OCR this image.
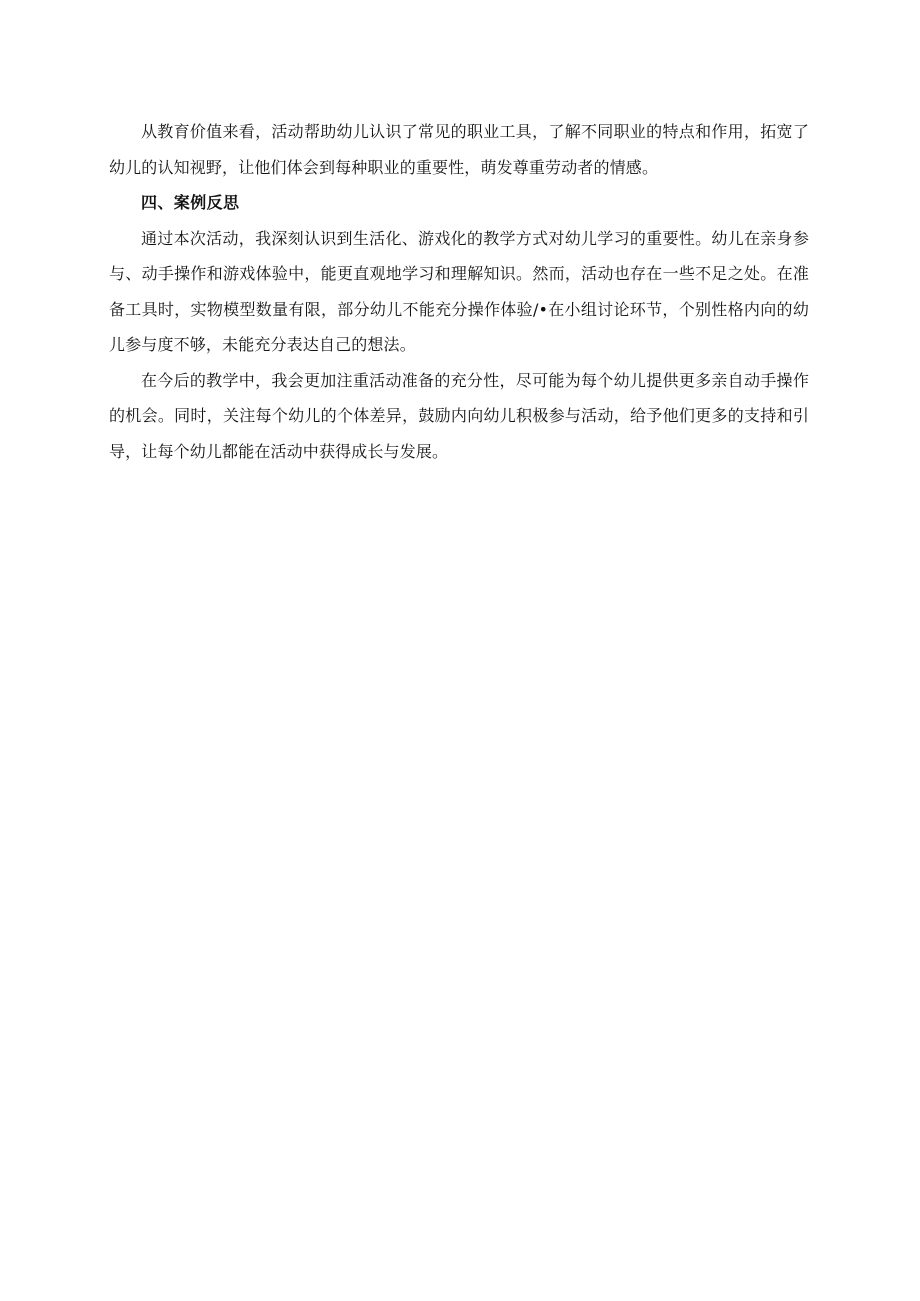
从教育价值来看，活动帮助幼儿认识了常见的职业工具，了解不同职业的特点和作用，拓宽了幼儿的认知视野，让他们体会到每种职业的重要性，萌发尊重劳动者的情感。

四、案例反思

通过本次活动，我深刻认识到生活化、游戏化的教学方式对幼儿学习的重要性。幼儿在亲身参与、动手操作和游戏体验中，能更直观地学习和理解知识。然而，活动也存在一些不足之处。在准备工具时，实物模型数量有限，部分幼儿不能充分操作体验/•在小组讨论环节，个别性格内向的幼儿参与度不够，未能充分表达自己的想法。

在今后的教学中，我会更加注重活动准备的充分性，尽可能为每个幼儿提供更多亲自动手操作的机会。同时，关注每个幼儿的个体差异，鼓励内向幼儿积极参与活动，给予他们更多的支持和引导，让每个幼儿都能在活动中获得成长与发展。
